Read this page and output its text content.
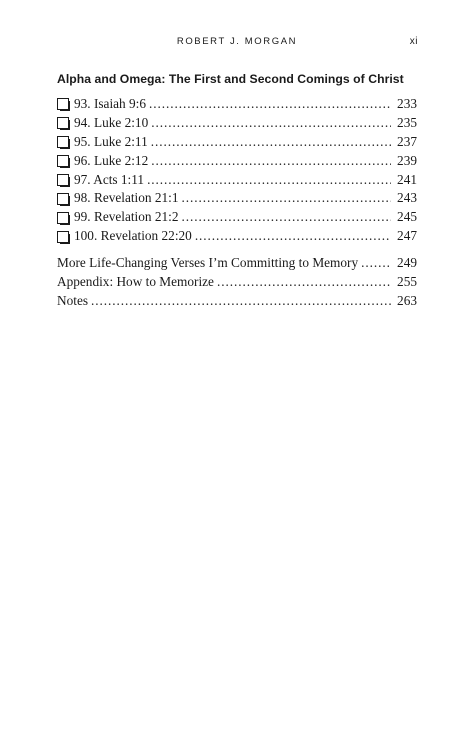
ROBERT J. MORGAN	xi
Alpha and Omega: The First and Second Comings of Christ
93. Isaiah 9:6 . . .	233
94. Luke 2:10 . . .	235
95. Luke 2:11 . . .	237
96. Luke 2:12 . . .	239
97. Acts 1:11 . . .	241
98. Revelation 21:1 . . .	243
99. Revelation 21:2 . . .	245
100. Revelation 22:20 . . .	247
More Life-Changing Verses I’m Committing to Memory . . .	249
Appendix: How to Memorize . . .	255
Notes . . .	263
